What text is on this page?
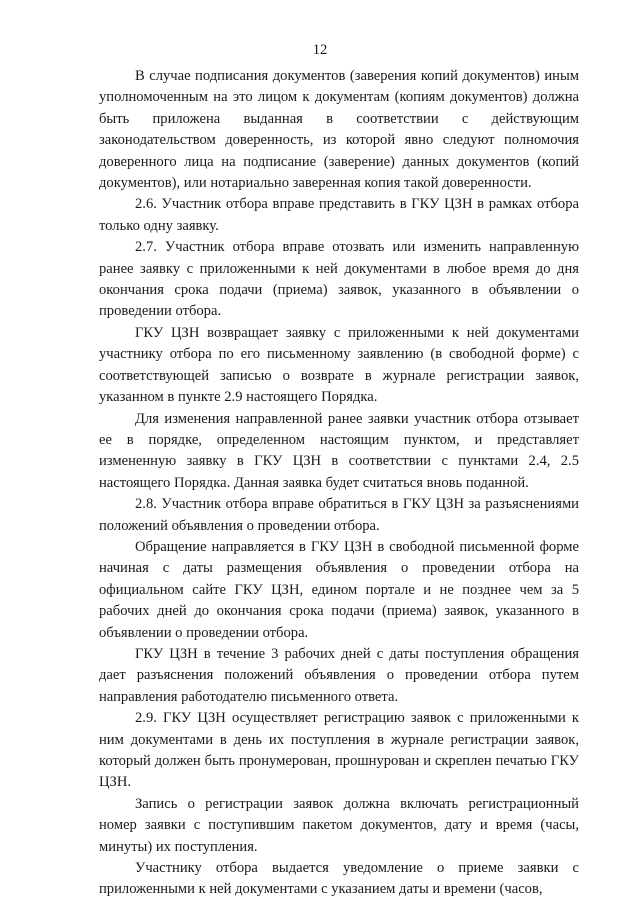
12

В случае подписания документов (заверения копий документов) иным уполномоченным на это лицом к документам (копиям документов) должна быть приложена выданная в соответствии с действующим законодательством доверенность, из которой явно следуют полномочия доверенного лица на подписание (заверение) данных документов (копий документов), или нотариально заверенная копия такой доверенности.

2.6. Участник отбора вправе представить в ГКУ ЦЗН в рамках отбора только одну заявку.

2.7. Участник отбора вправе отозвать или изменить направленную ранее заявку с приложенными к ней документами в любое время до дня окончания срока подачи (приема) заявок, указанного в объявлении о проведении отбора.

ГКУ ЦЗН возвращает заявку с приложенными к ней документами участнику отбора по его письменному заявлению (в свободной форме) с соответствующей записью о возврате в журнале регистрации заявок, указанном в пункте 2.9 настоящего Порядка.

Для изменения направленной ранее заявки участник отбора отзывает ее в порядке, определенном настоящим пунктом, и представляет измененную заявку в ГКУ ЦЗН в соответствии с пунктами 2.4, 2.5 настоящего Порядка. Данная заявка будет считаться вновь поданной.

2.8. Участник отбора вправе обратиться в ГКУ ЦЗН за разъяснениями положений объявления о проведении отбора.

Обращение направляется в ГКУ ЦЗН в свободной письменной форме начиная с даты размещения объявления о проведении отбора на официальном сайте ГКУ ЦЗН, едином портале и не позднее чем за 5 рабочих дней до окончания срока подачи (приема) заявок, указанного в объявлении о проведении отбора.

ГКУ ЦЗН в течение 3 рабочих дней с даты поступления обращения дает разъяснения положений объявления о проведении отбора путем направления работодателю письменного ответа.

2.9. ГКУ ЦЗН осуществляет регистрацию заявок с приложенными к ним документами в день их поступления в журнале регистрации заявок, который должен быть пронумерован, прошнурован и скреплен печатью ГКУ ЦЗН.

Запись о регистрации заявок должна включать регистрационный номер заявки с поступившим пакетом документов, дату и время (часы, минуты) их поступления.

Участнику отбора выдается уведомление о приеме заявки с приложенными к ней документами с указанием даты и времени (часов,
